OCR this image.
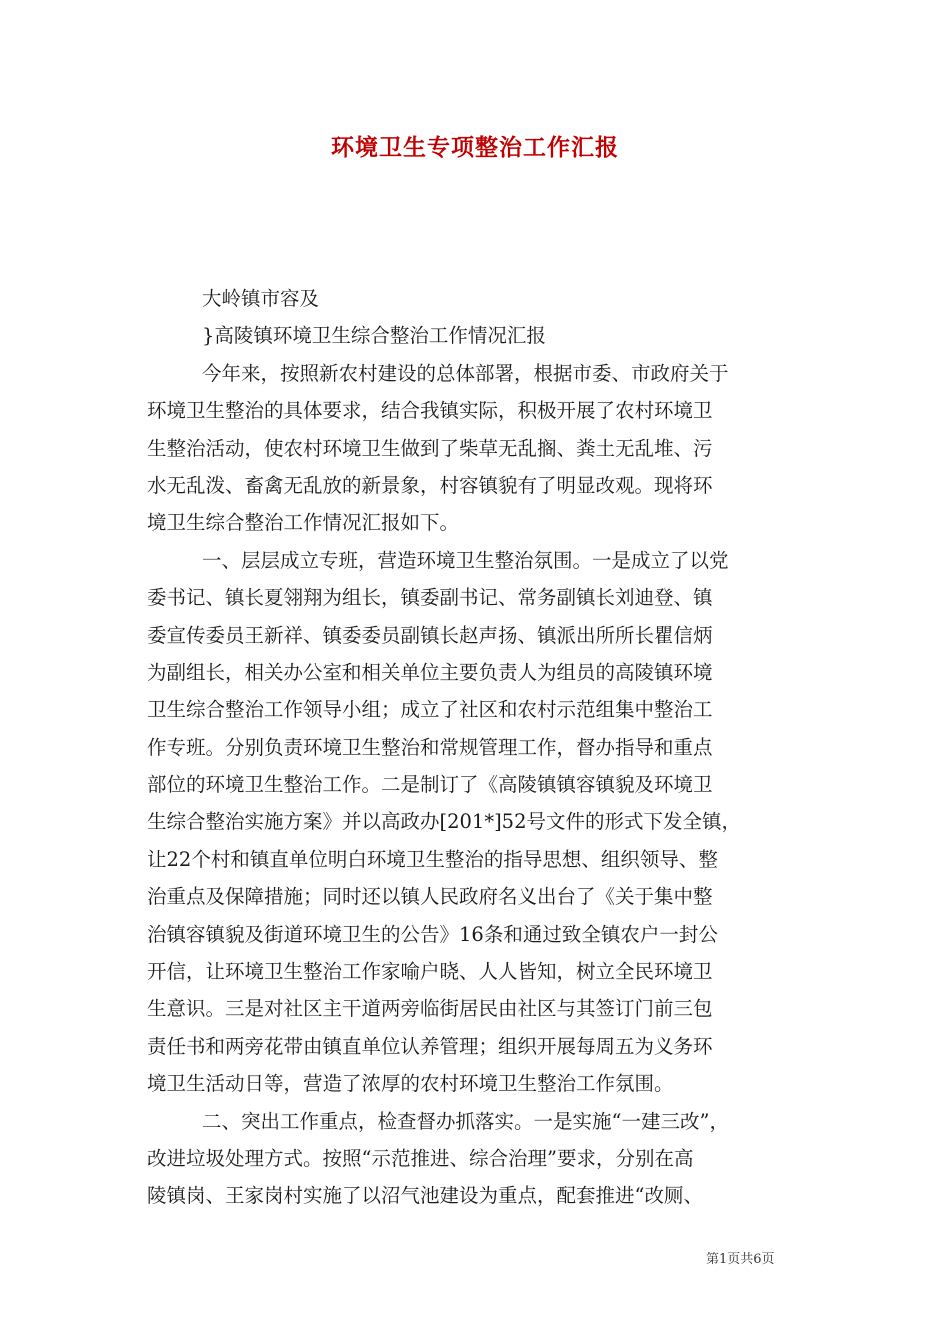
环境卫生专项整治工作汇报
大岭镇市容及
}高陵镇环境卫生综合整治工作情况汇报
今年来，按照新农村建设的总体部署，根据市委、市政府关于
环境卫生整治的具体要求，结合我镇实际，积极开展了农村环境卫
生整治活动，使农村环境卫生做到了柴草无乱搁、粪土无乱堆、污
水无乱泼、畜禽无乱放的新景象，村容镇貌有了明显改观。现将环
境卫生综合整治工作情况汇报如下。
一、层层成立专班，营造环境卫生整治氛围。一是成立了以党
委书记、镇长夏翎翔为组长，镇委副书记、常务副镇长刘迪登、镇
委宣传委员王新祥、镇委委员副镇长赵声扬、镇派出所所长瞿信炳
为副组长，相关办公室和相关单位主要负责人为组员的高陵镇环境
卫生综合整治工作领导小组；成立了社区和农村示范组集中整治工
作专班。分别负责环境卫生整治和常规管理工作，督办指导和重点
部位的环境卫生整治工作。二是制订了《高陵镇镇容镇貌及环境卫
生综合整治实施方案》并以高政办[201*]52号文件的形式下发全镇，
让22个村和镇直单位明白环境卫生整治的指导思想、组织领导、整
治重点及保障措施；同时还以镇人民政府名义出台了《关于集中整
治镇容镇貌及街道环境卫生的公告》16条和通过致全镇农户一封公
开信，让环境卫生整治工作家喻户晓、人人皆知，树立全民环境卫
生意识。三是对社区主干道两旁临街居民由社区与其签订门前三包
责任书和两旁花带由镇直单位认养管理；组织开展每周五为义务环
境卫生活动日等，营造了浓厚的农村环境卫生整治工作氛围。
二、突出工作重点，检查督办抓落实。一是实施“一建三改”，
改进垃圾处理方式。按照“示范推进、综合治理”要求，分别在高
陵镇岗、王家岗村实施了以沼气池建设为重点，配套推进“改厕、
第1页共6页
